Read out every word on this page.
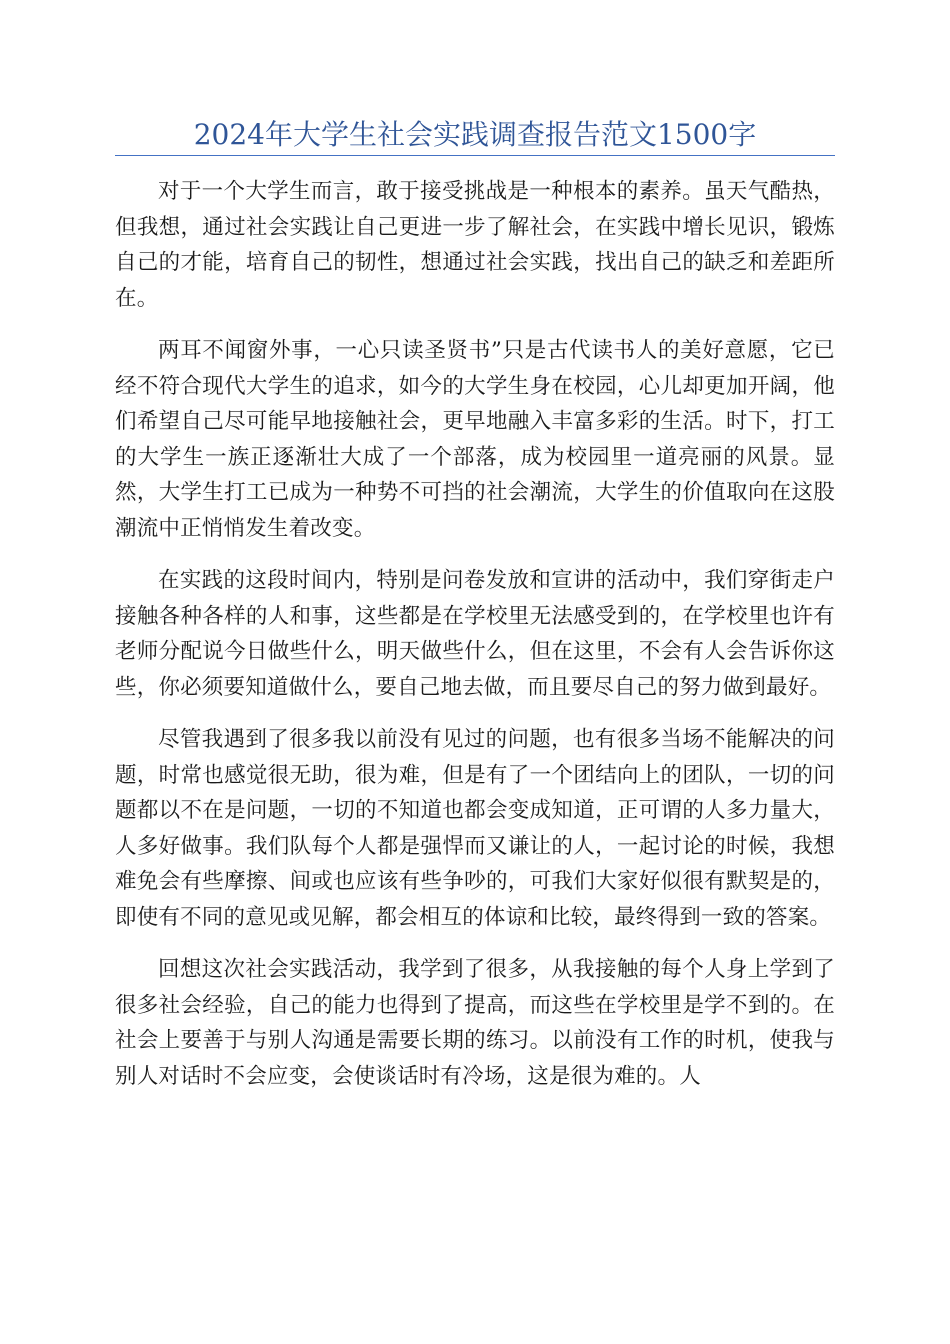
2024年大学生社会实践调查报告范文1500字

对于一个大学生而言，敢于接受挑战是一种根本的素养。虽天气酷热，但我想，通过社会实践让自己更进一步了解社会，在实践中增长见识，锻炼自己的才能，培育自己的韧性，想通过社会实践，找出自己的缺乏和差距所在。

两耳不闻窗外事，一心只读圣贤书”只是古代读书人的美好意愿，它已经不符合现代大学生的追求，如今的大学生身在校园，心儿却更加开阔，他们希望自己尽可能早地接触社会，更早地融入丰富多彩的生活。时下，打工的大学生一族正逐渐壮大成了一个部落，成为校园里一道亮丽的风景。显然，大学生打工已成为一种势不可挡的社会潮流，大学生的价值取向在这股潮流中正悄悄发生着改变。

在实践的这段时间内，特别是问卷发放和宣讲的活动中，我们穿街走户接触各种各样的人和事，这些都是在学校里无法感受到的，在学校里也许有老师分配说今日做些什么，明天做些什么，但在这里，不会有人会告诉你这些，你必须要知道做什么，要自己地去做，而且要尽自己的努力做到最好。

尽管我遇到了很多我以前没有见过的问题，也有很多当场不能解决的问题，时常也感觉很无助，很为难，但是有了一个团结向上的团队，一切的问题都以不在是问题，一切的不知道也都会变成知道，正可谓的人多力量大，人多好做事。我们队每个人都是强悍而又谦让的人，一起讨论的时候，我想难免会有些摩擦、间或也应该有些争吵的，可我们大家好似很有默契是的，即使有不同的意见或见解，都会相互的体谅和比较，最终得到一致的答案。

回想这次社会实践活动，我学到了很多，从我接触的每个人身上学到了很多社会经验，自己的能力也得到了提高，而这些在学校里是学不到的。在社会上要善于与别人沟通是需要长期的练习。以前没有工作的时机，使我与别人对话时不会应变，会使谈话时有冷场，这是很为难的。人
